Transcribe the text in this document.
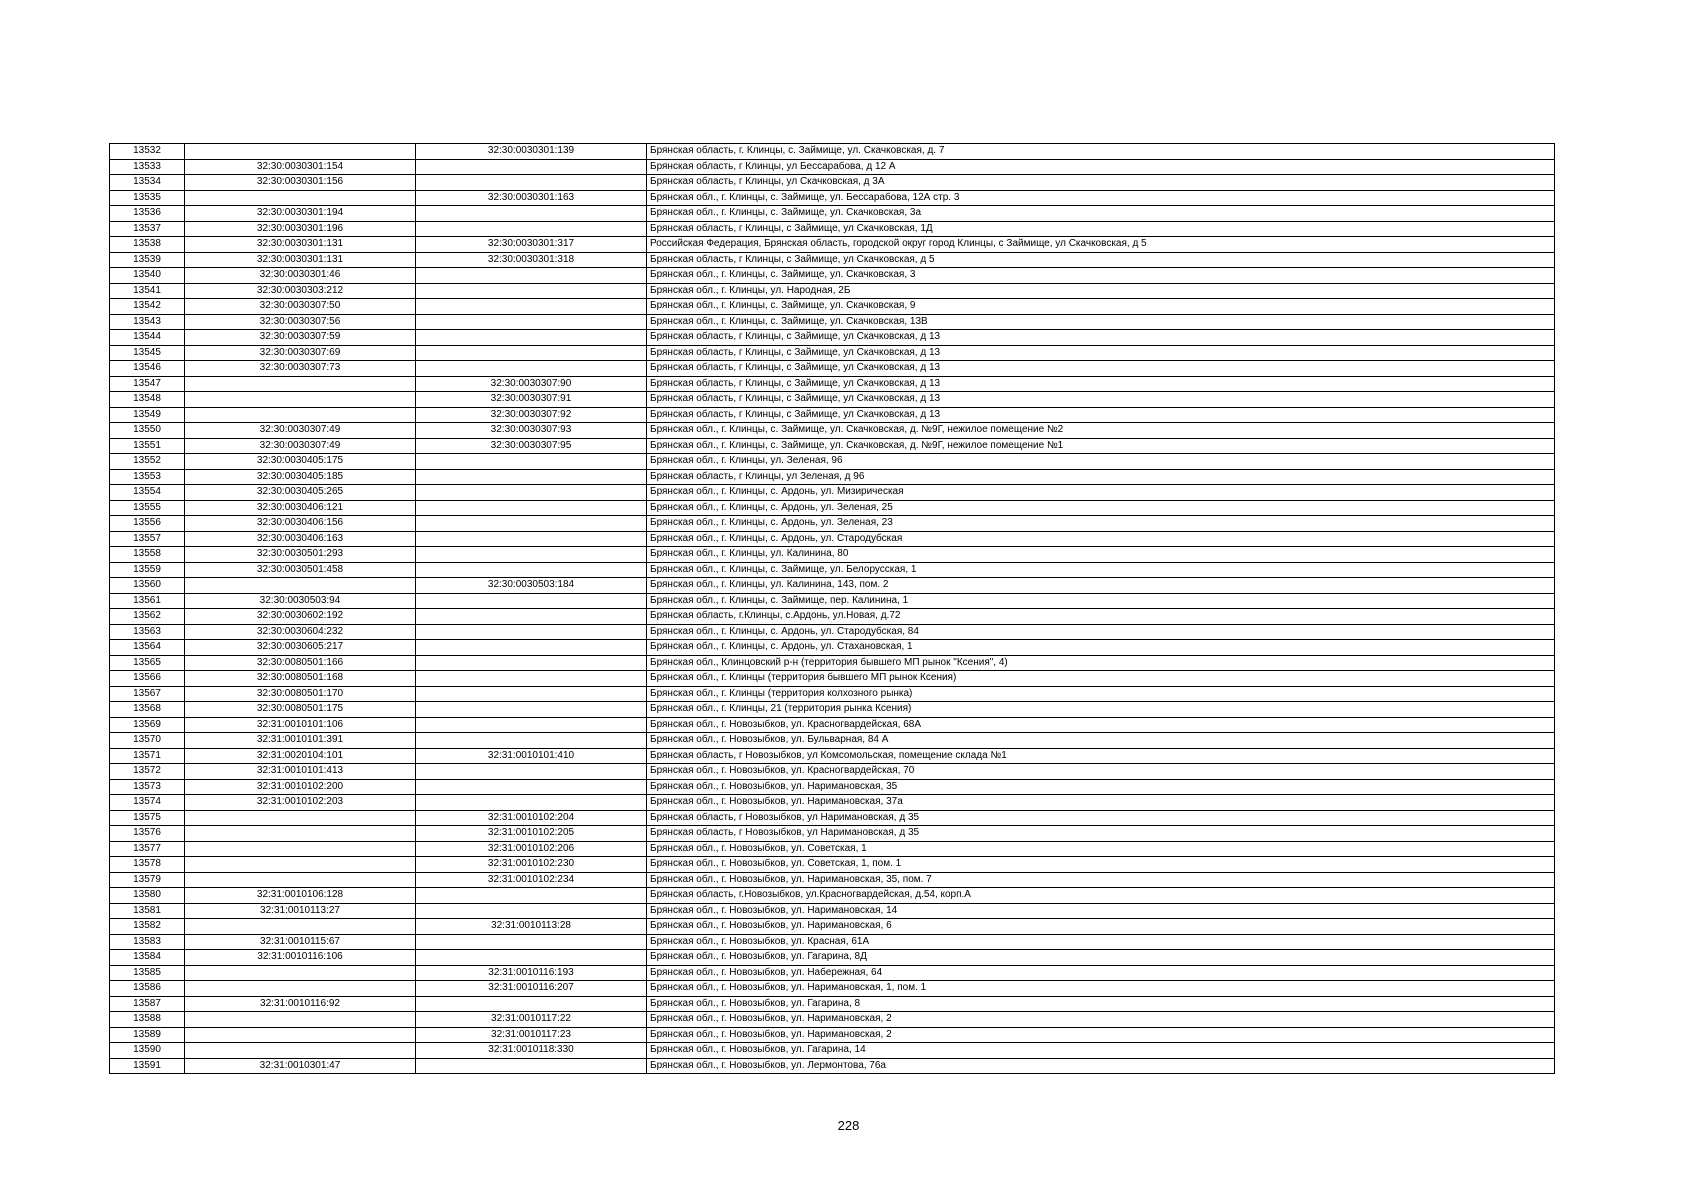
13532		32:30:0030301:139	Брянская область, г. Клинцы, с. Займище, ул. Скачковская, д. 7
13533	32:30:0030301:154		Брянская область, г Клинцы, ул Бессарабова, д 12 А
13534	32:30:0030301:156		Брянская область, г Клинцы, ул Скачковская, д 3А
13535		32:30:0030301:163	Брянская обл., г. Клинцы, с. Займище, ул. Бессарабова, 12А стр. 3
13536	32:30:0030301:194		Брянская обл., г. Клинцы, с. Займище, ул. Скачковская, 3а
13537	32:30:0030301:196		Брянская область, г Клинцы, с Займище, ул Скачковская, 1Д
13538	32:30:0030301:131	32:30:0030301:317	Российская Федерация, Брянская область, городской округ город Клинцы, с Займище, ул Скачковская, д 5
13539	32:30:0030301:131	32:30:0030301:318	Брянская область, г Клинцы, с Займище, ул Скачковская, д 5
13540	32:30:0030301:46		Брянская обл., г. Клинцы, с. Займище, ул. Скачковская, 3
13541	32:30:0030303:212		Брянская обл., г. Клинцы, ул. Народная, 2Б
13542	32:30:0030307:50		Брянская обл., г. Клинцы, с. Займище, ул. Скачковская, 9
13543	32:30:0030307:56		Брянская обл., г. Клинцы, с. Займище, ул. Скачковская, 13В
13544	32:30:0030307:59		Брянская область, г Клинцы, с Займище, ул Скачковская, д 13
13545	32:30:0030307:69		Брянская область, г Клинцы, с Займище, ул Скачковская, д 13
13546	32:30:0030307:73		Брянская область, г Клинцы, с Займище, ул Скачковская, д 13
13547		32:30:0030307:90	Брянская область, г Клинцы, с Займище, ул Скачковская, д 13
13548		32:30:0030307:91	Брянская область, г Клинцы, с Займище, ул Скачковская, д 13
13549		32:30:0030307:92	Брянская область, г Клинцы, с Займище, ул Скачковская, д 13
13550	32:30:0030307:49	32:30:0030307:93	Брянская обл., г. Клинцы, с. Займище, ул. Скачковская, д. №9Г, нежилое помещение №2
13551	32:30:0030307:49	32:30:0030307:95	Брянская обл., г. Клинцы, с. Займище, ул. Скачковская, д. №9Г, нежилое помещение №1
13552	32:30:0030405:175		Брянская обл., г. Клинцы, ул. Зеленая, 96
13553	32:30:0030405:185		Брянская область, г Клинцы, ул Зеленая, д 96
13554	32:30:0030405:265		Брянская обл., г. Клинцы, с. Ардонь, ул. Мизирическая
13555	32:30:0030406:121		Брянская обл., г. Клинцы, с. Ардонь, ул. Зеленая, 25
13556	32:30:0030406:156		Брянская обл., г. Клинцы, с. Ардонь, ул. Зеленая, 23
13557	32:30:0030406:163		Брянская обл., г. Клинцы, с. Ардонь, ул. Стародубская
13558	32:30:0030501:293		Брянская обл., г. Клинцы, ул. Калинина, 80
13559	32:30:0030501:458		Брянская обл., г. Клинцы, с. Займище, ул. Белорусская, 1
13560		32:30:0030503:184	Брянская обл., г. Клинцы, ул. Калинина, 143, пом. 2
13561	32:30:0030503:94		Брянская обл., г. Клинцы, с. Займище, пер. Калинина, 1
13562	32:30:0030602:192		Брянская область, г.Клинцы, с.Ардонь, ул.Новая, д.72
13563	32:30:0030604:232		Брянская обл., г. Клинцы, с. Ардонь, ул. Стародубская, 84
13564	32:30:0030605:217		Брянская обл., г. Клинцы, с. Ардонь, ул. Стахановская, 1
13565	32:30:0080501:166		Брянская обл., Клинцовский р-н (территория бывшего МП рынок "Ксения", 4)
13566	32:30:0080501:168		Брянская обл., г. Клинцы (территория бывшего МП рынок Ксения)
13567	32:30:0080501:170		Брянская обл., г. Клинцы (территория колхозного рынка)
13568	32:30:0080501:175		Брянская обл., г. Клинцы, 21 (территория рынка Ксения)
13569	32:31:0010101:106		Брянская обл., г. Новозыбков, ул. Красногвардейская, 68А
13570	32:31:0010101:391		Брянская обл., г. Новозыбков, ул. Бульварная, 84 А
13571	32:31:0020104:101	32:31:0010101:410	Брянская область, г Новозыбков, ул Комсомольская, помещение склада №1
13572	32:31:0010101:413		Брянская обл., г. Новозыбков, ул. Красногвардейская, 70
13573	32:31:0010102:200		Брянская обл., г. Новозыбков, ул. Наримановская, 35
13574	32:31:0010102:203		Брянская обл., г. Новозыбков, ул. Наримановская, 37а
13575		32:31:0010102:204	Брянская область, г Новозыбков, ул Наримановская, д 35
13576		32:31:0010102:205	Брянская область, г Новозыбков, ул Наримановская, д 35
13577		32:31:0010102:206	Брянская обл., г. Новозыбков, ул. Советская, 1
13578		32:31:0010102:230	Брянская обл., г. Новозыбков, ул. Советская, 1, пом. 1
13579		32:31:0010102:234	Брянская обл., г. Новозыбков, ул. Наримановская, 35, пом. 7
13580	32:31:0010106:128		Брянская область, г.Новозыбков, ул.Красногвардейская, д.54, корп.А
13581	32:31:0010113:27		Брянская обл., г. Новозыбков, ул. Наримановская, 14
13582		32:31:0010113:28	Брянская обл., г. Новозыбков, ул. Наримановская, 6
13583	32:31:0010115:67		Брянская обл., г. Новозыбков, ул. Красная, 61А
13584	32:31:0010116:106		Брянская обл., г. Новозыбков, ул. Гагарина, 8Д
13585		32:31:0010116:193	Брянская обл., г. Новозыбков, ул. Набережная, 64
13586		32:31:0010116:207	Брянская обл., г. Новозыбков, ул. Наримановская, 1, пом. 1
13587	32:31:0010116:92		Брянская обл., г. Новозыбков, ул. Гагарина, 8
13588		32:31:0010117:22	Брянская обл., г. Новозыбков, ул. Наримановская, 2
13589		32:31:0010117:23	Брянская обл., г. Новозыбков, ул. Наримановская, 2
13590		32:31:0010118:330	Брянская обл., г. Новозыбков, ул. Гагарина, 14
13591	32:31:0010301:47		Брянская обл., г. Новозыбков, ул. Лермонтова, 76а
228
